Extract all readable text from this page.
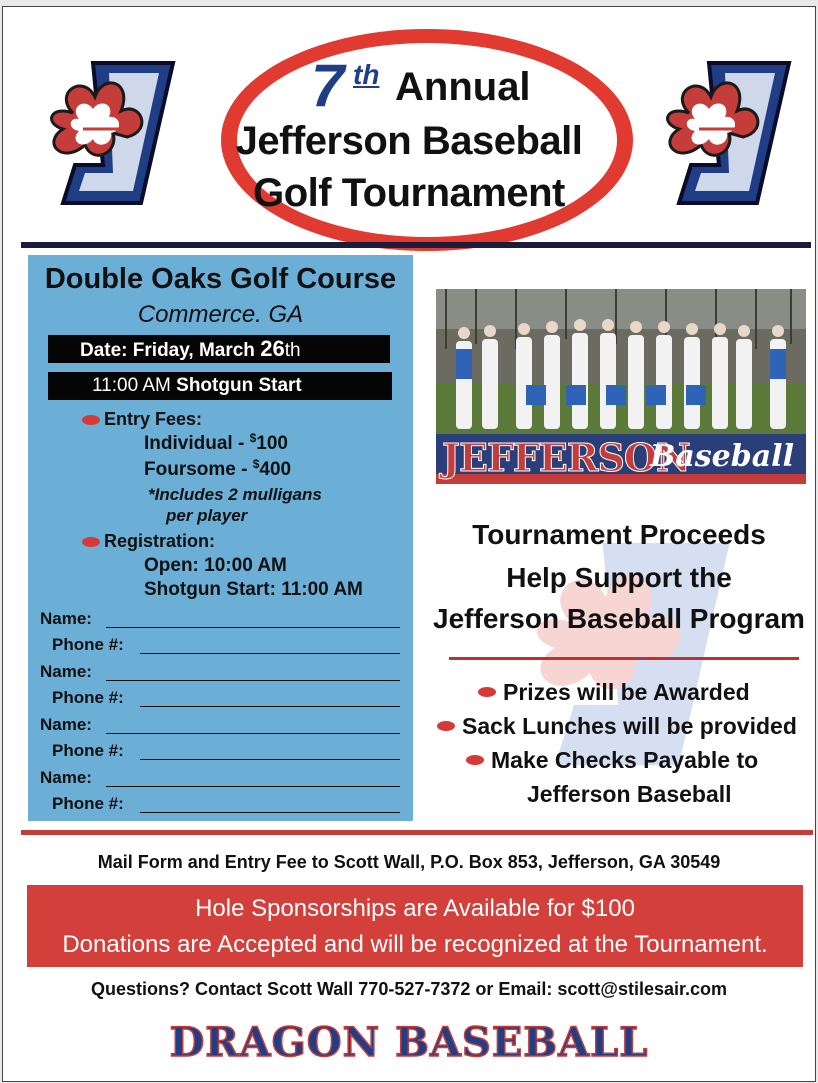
7 th Annual
Jefferson Baseball
Golf Tournament
Double Oaks Golf Course
Commerce. GA
Date: Friday, March 26th
11:00 AM Shotgun Start
Entry Fees:
Individual - $100
Foursome - $400
*Includes 2 mulligans
per player
Registration:
Open: 10:00 AM
Shotgun Start: 11:00 AM
Name:
Phone #:
Name:
Phone #:
Name:
Phone #:
Name:
Phone #:
JEFFERSON
Baseball
Tournament Proceeds
Help Support the
Jefferson Baseball Program
Prizes will be Awarded
Sack Lunches will be provided
Make Checks Payable to
Jefferson Baseball
Mail Form and Entry Fee to Scott Wall, P.O. Box 853, Jefferson, GA 30549
Hole Sponsorships are Available for $100
Donations are Accepted and will be recognized at the Tournament.
Questions? Contact Scott Wall 770-527-7372 or Email: scott@stilesair.com
DRAGON BASEBALL
